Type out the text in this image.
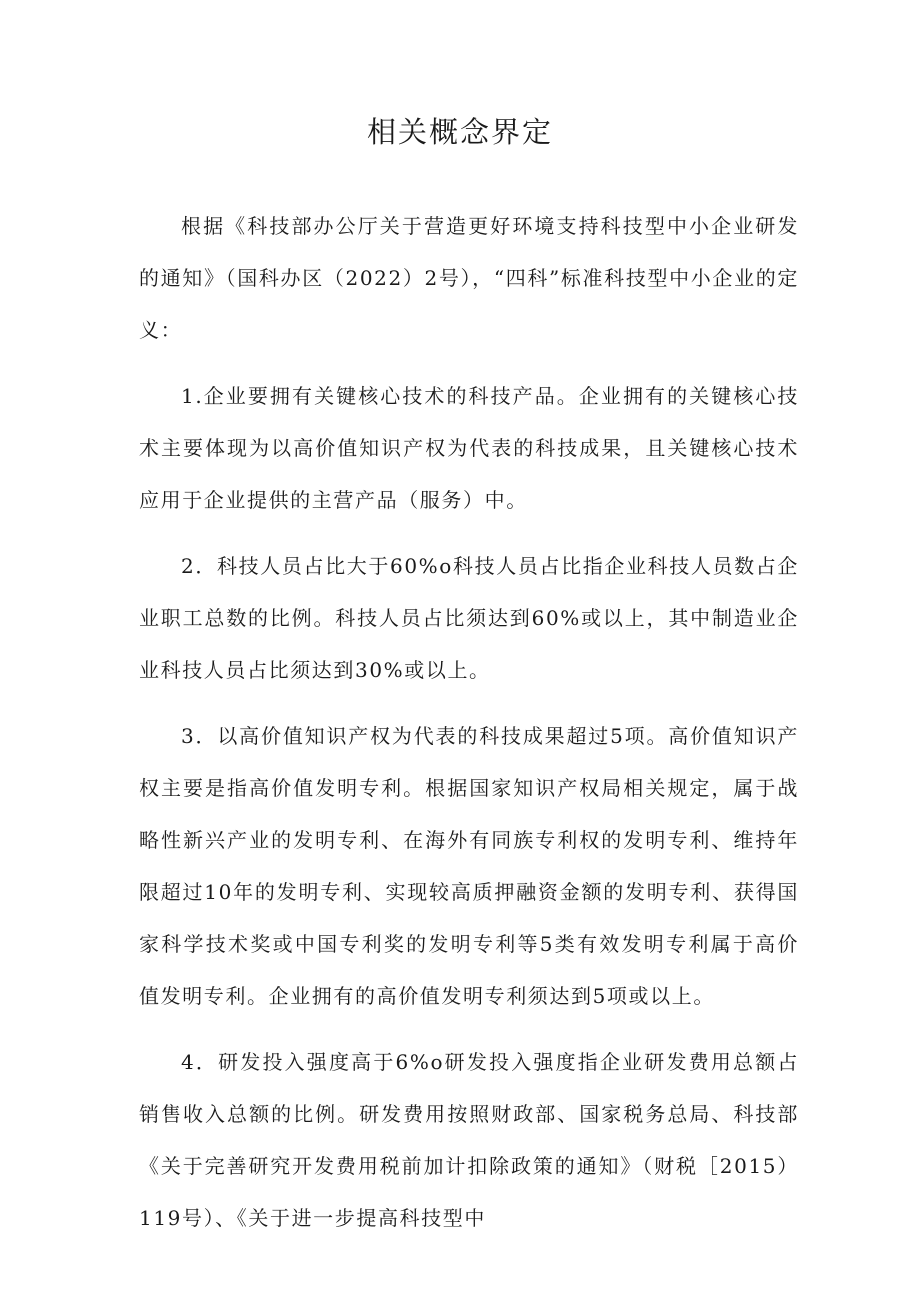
相关概念界定

根据《科技部办公厅关于营造更好环境支持科技型中小企业研发的通知》（国科办区（2022）2号），“四科”标准科技型中小企业的定义：

1.企业要拥有关键核心技术的科技产品。企业拥有的关键核心技术主要体现为以高价值知识产权为代表的科技成果，且关键核心技术应用于企业提供的主营产品（服务）中。

2．科技人员占比大于60%o科技人员占比指企业科技人员数占企业职工总数的比例。科技人员占比须达到60%或以上，其中制造业企业科技人员占比须达到30%或以上。

3．以高价值知识产权为代表的科技成果超过5项。高价值知识产权主要是指高价值发明专利。根据国家知识产权局相关规定，属于战略性新兴产业的发明专利、在海外有同族专利权的发明专利、维持年限超过10年的发明专利、实现较高质押融资金额的发明专利、获得国家科学技术奖或中国专利奖的发明专利等5类有效发明专利属于高价值发明专利。企业拥有的高价值发明专利须达到5项或以上。

4．研发投入强度高于6%o研发投入强度指企业研发费用总额占销售收入总额的比例。研发费用按照财政部、国家税务总局、科技部《关于完善研究开发费用税前加计扣除政策的通知》（财税［2015）119号）、《关于进一步提高科技型中
